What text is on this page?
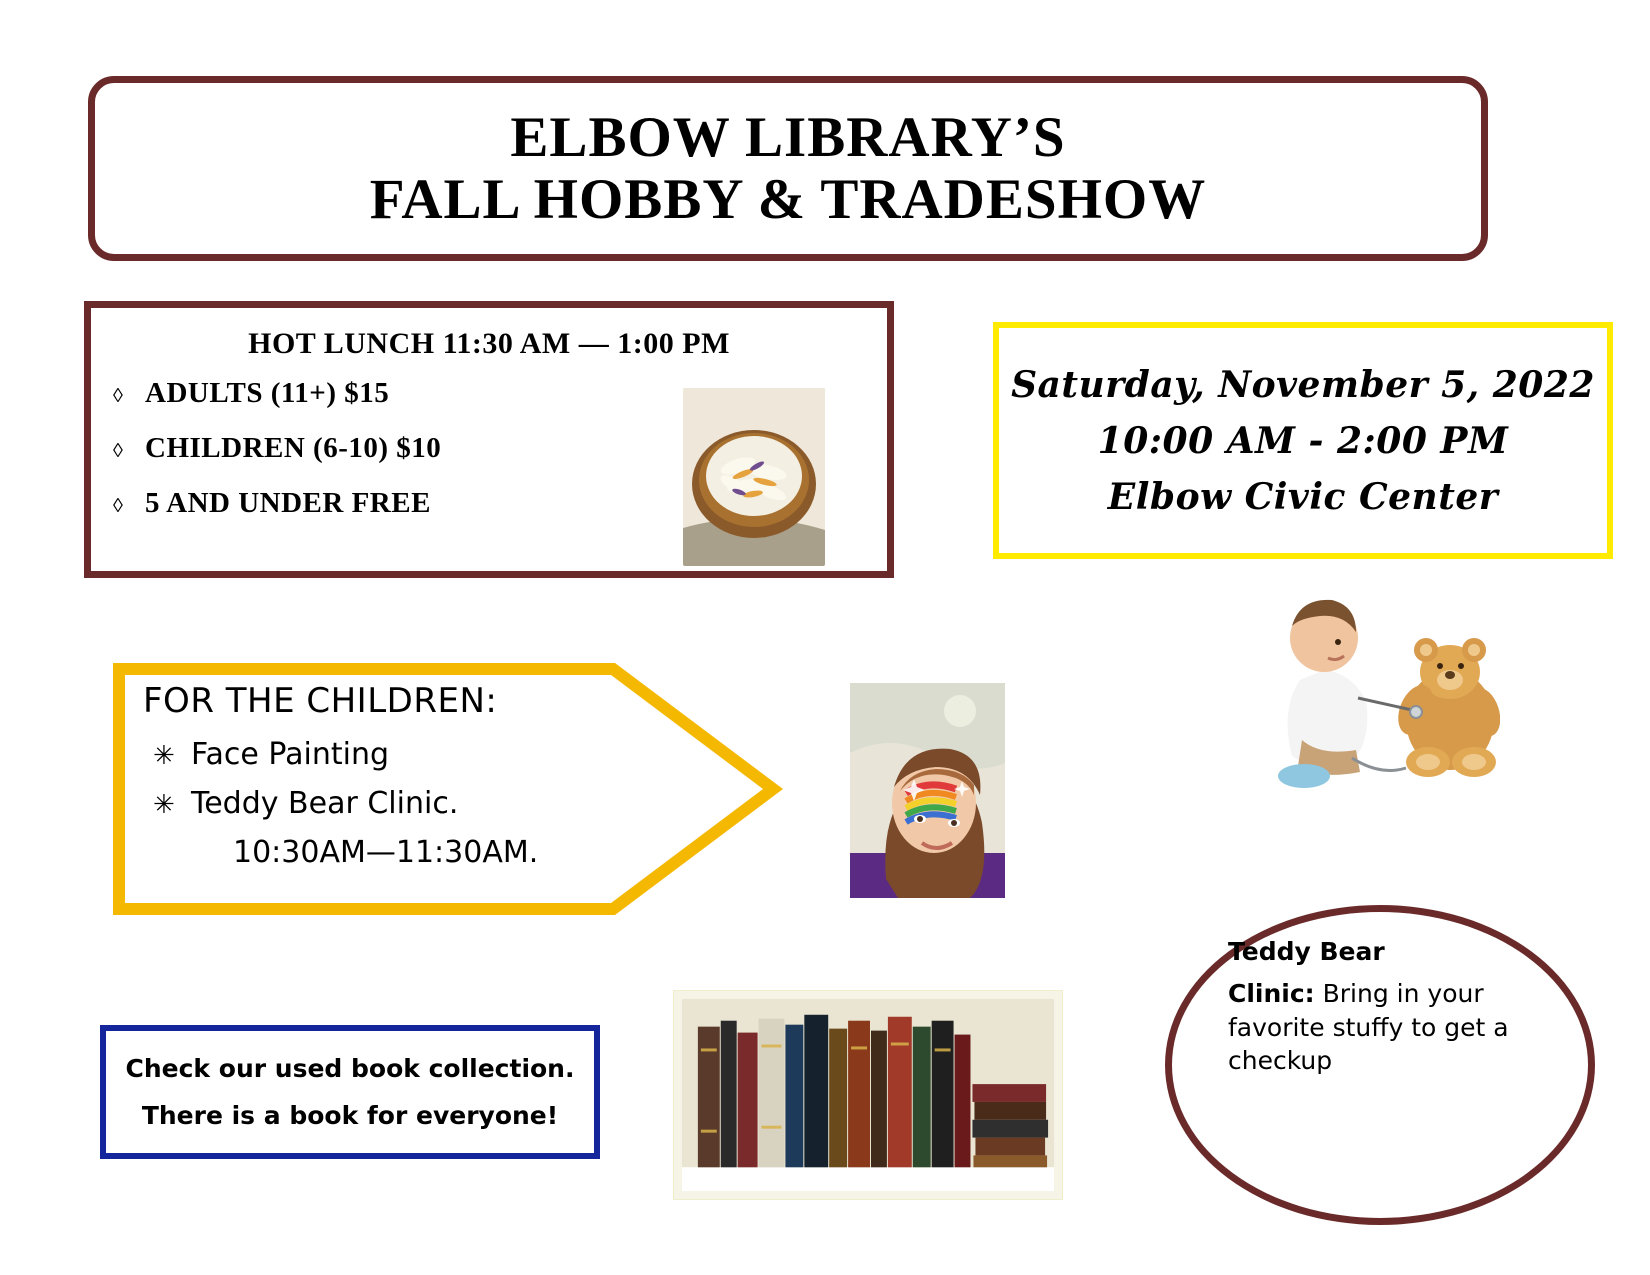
ELBOW LIBRARY’S
FALL HOBBY & TRADESHOW
HOT LUNCH 11:30 AM — 1:00 PM
◊ ADULTS (11+) $15
◊ CHILDREN (6-10) $10
◊ 5 AND UNDER FREE
Saturday, November 5, 2022
10:00 AM - 2:00 PM
Elbow Civic Center
FOR THE CHILDREN:
✳ Face Painting
✳ Teddy Bear Clinic.
10:30AM—11:30AM.
Check our used book collection.
There is a book for everyone!
Teddy Bear
Clinic: Bring in your favorite stuffy to get a checkup
